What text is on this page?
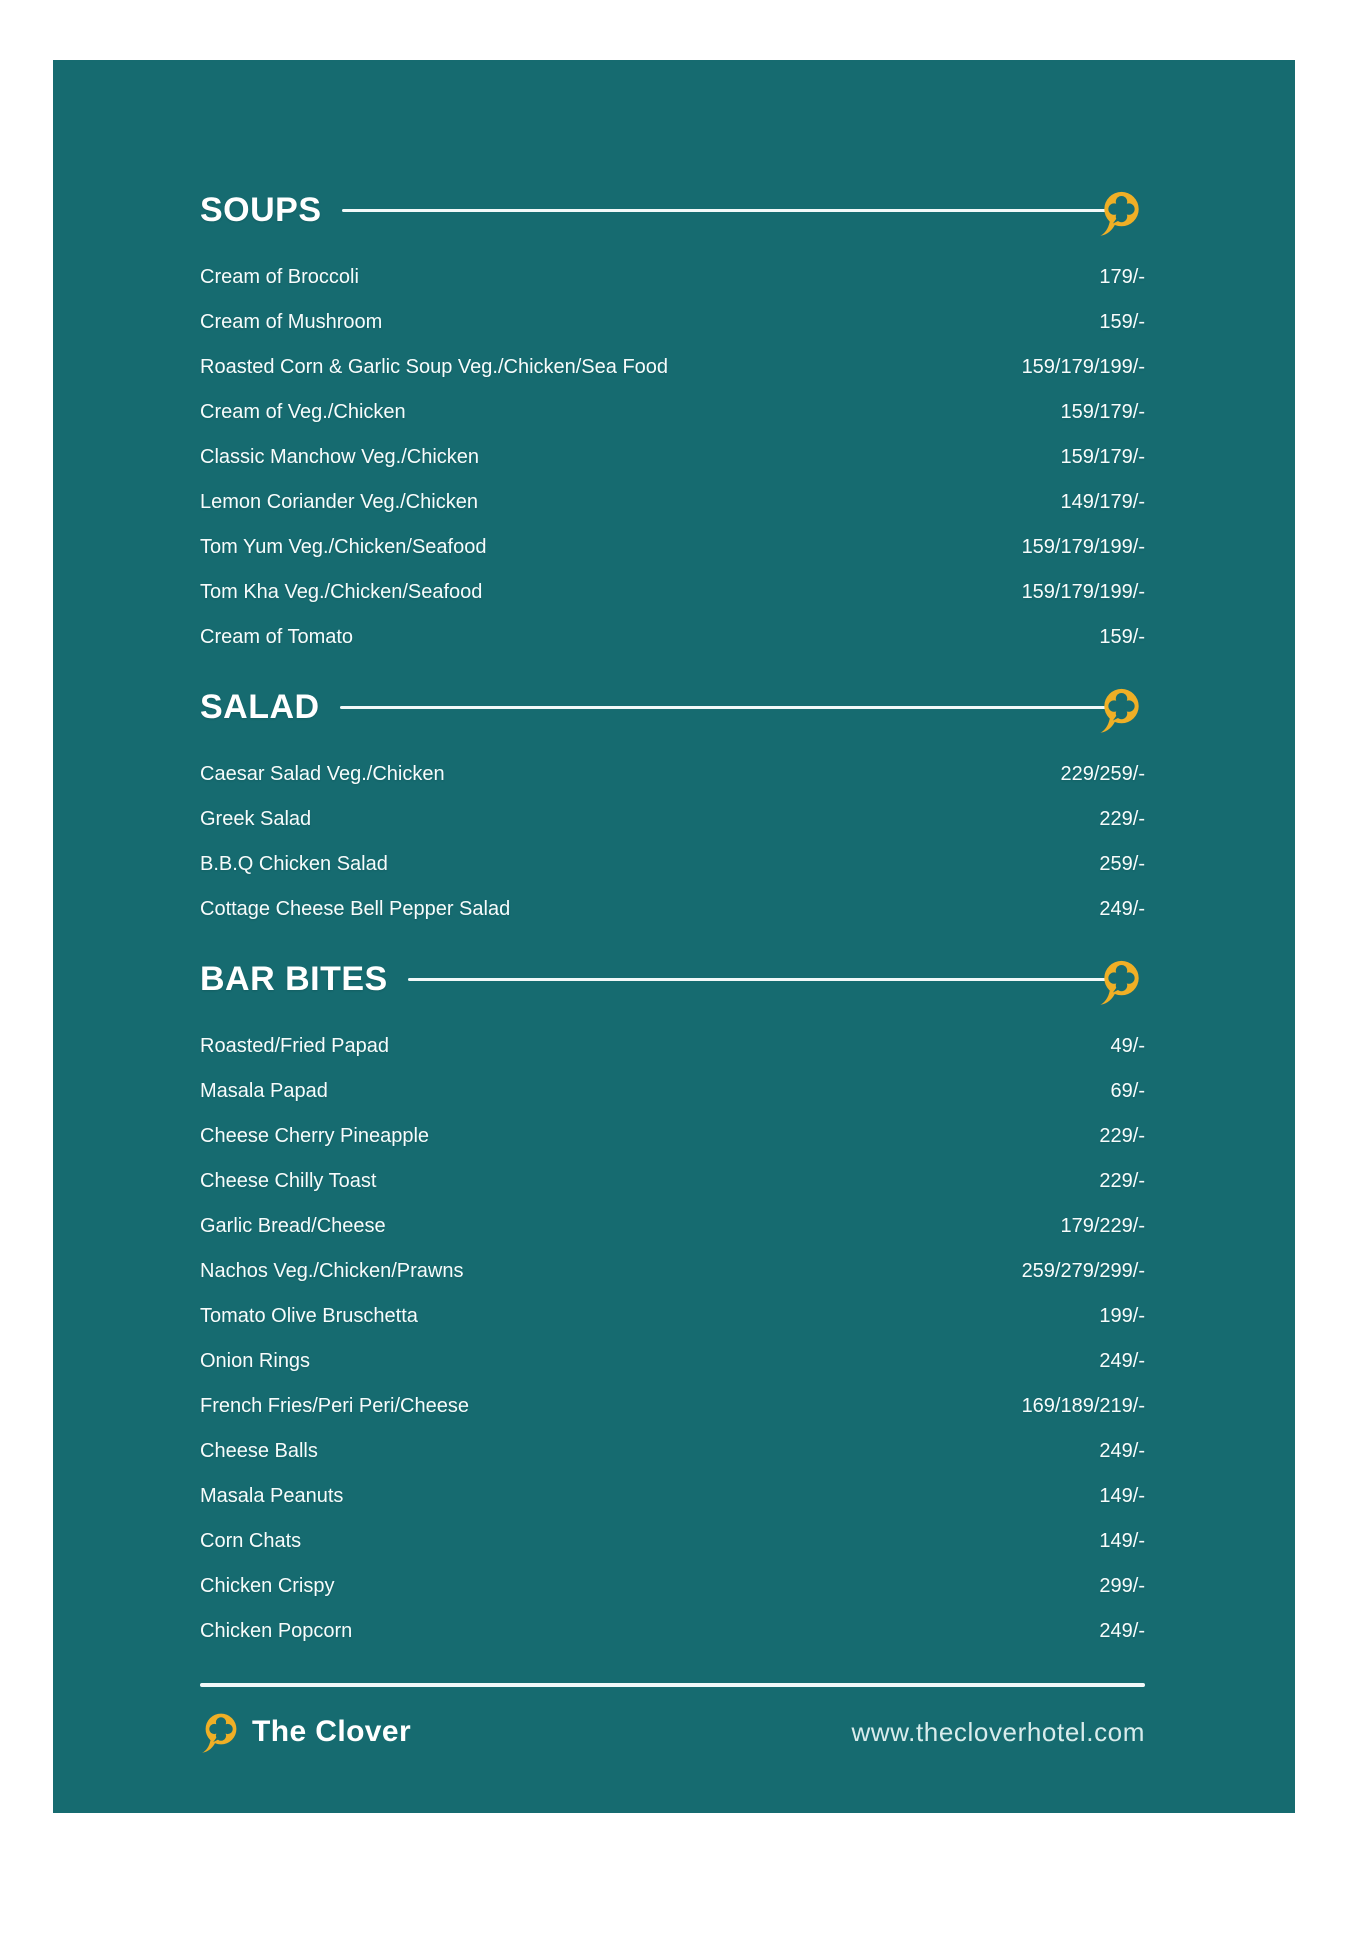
SOUPS
Cream of Broccoli	179/-
Cream of Mushroom	159/-
Roasted Corn & Garlic Soup Veg./Chicken/Sea Food	159/179/199/-
Cream of Veg./Chicken	159/179/-
Classic Manchow Veg./Chicken	159/179/-
Lemon Coriander Veg./Chicken	149/179/-
Tom Yum Veg./Chicken/Seafood	159/179/199/-
Tom Kha Veg./Chicken/Seafood	159/179/199/-
Cream of Tomato	159/-
SALAD
Caesar Salad Veg./Chicken	229/259/-
Greek Salad	229/-
B.B.Q Chicken Salad	259/-
Cottage Cheese Bell Pepper Salad	249/-
BAR BITES
Roasted/Fried Papad	49/-
Masala Papad	69/-
Cheese Cherry Pineapple	229/-
Cheese Chilly Toast	229/-
Garlic Bread/Cheese	179/229/-
Nachos Veg./Chicken/Prawns	259/279/299/-
Tomato Olive Bruschetta	199/-
Onion Rings	249/-
French Fries/Peri Peri/Cheese	169/189/219/-
Cheese Balls	249/-
Masala Peanuts	149/-
Corn Chats	149/-
Chicken Crispy	299/-
Chicken Popcorn	249/-
The Clover	www.thecloverhotel.com
